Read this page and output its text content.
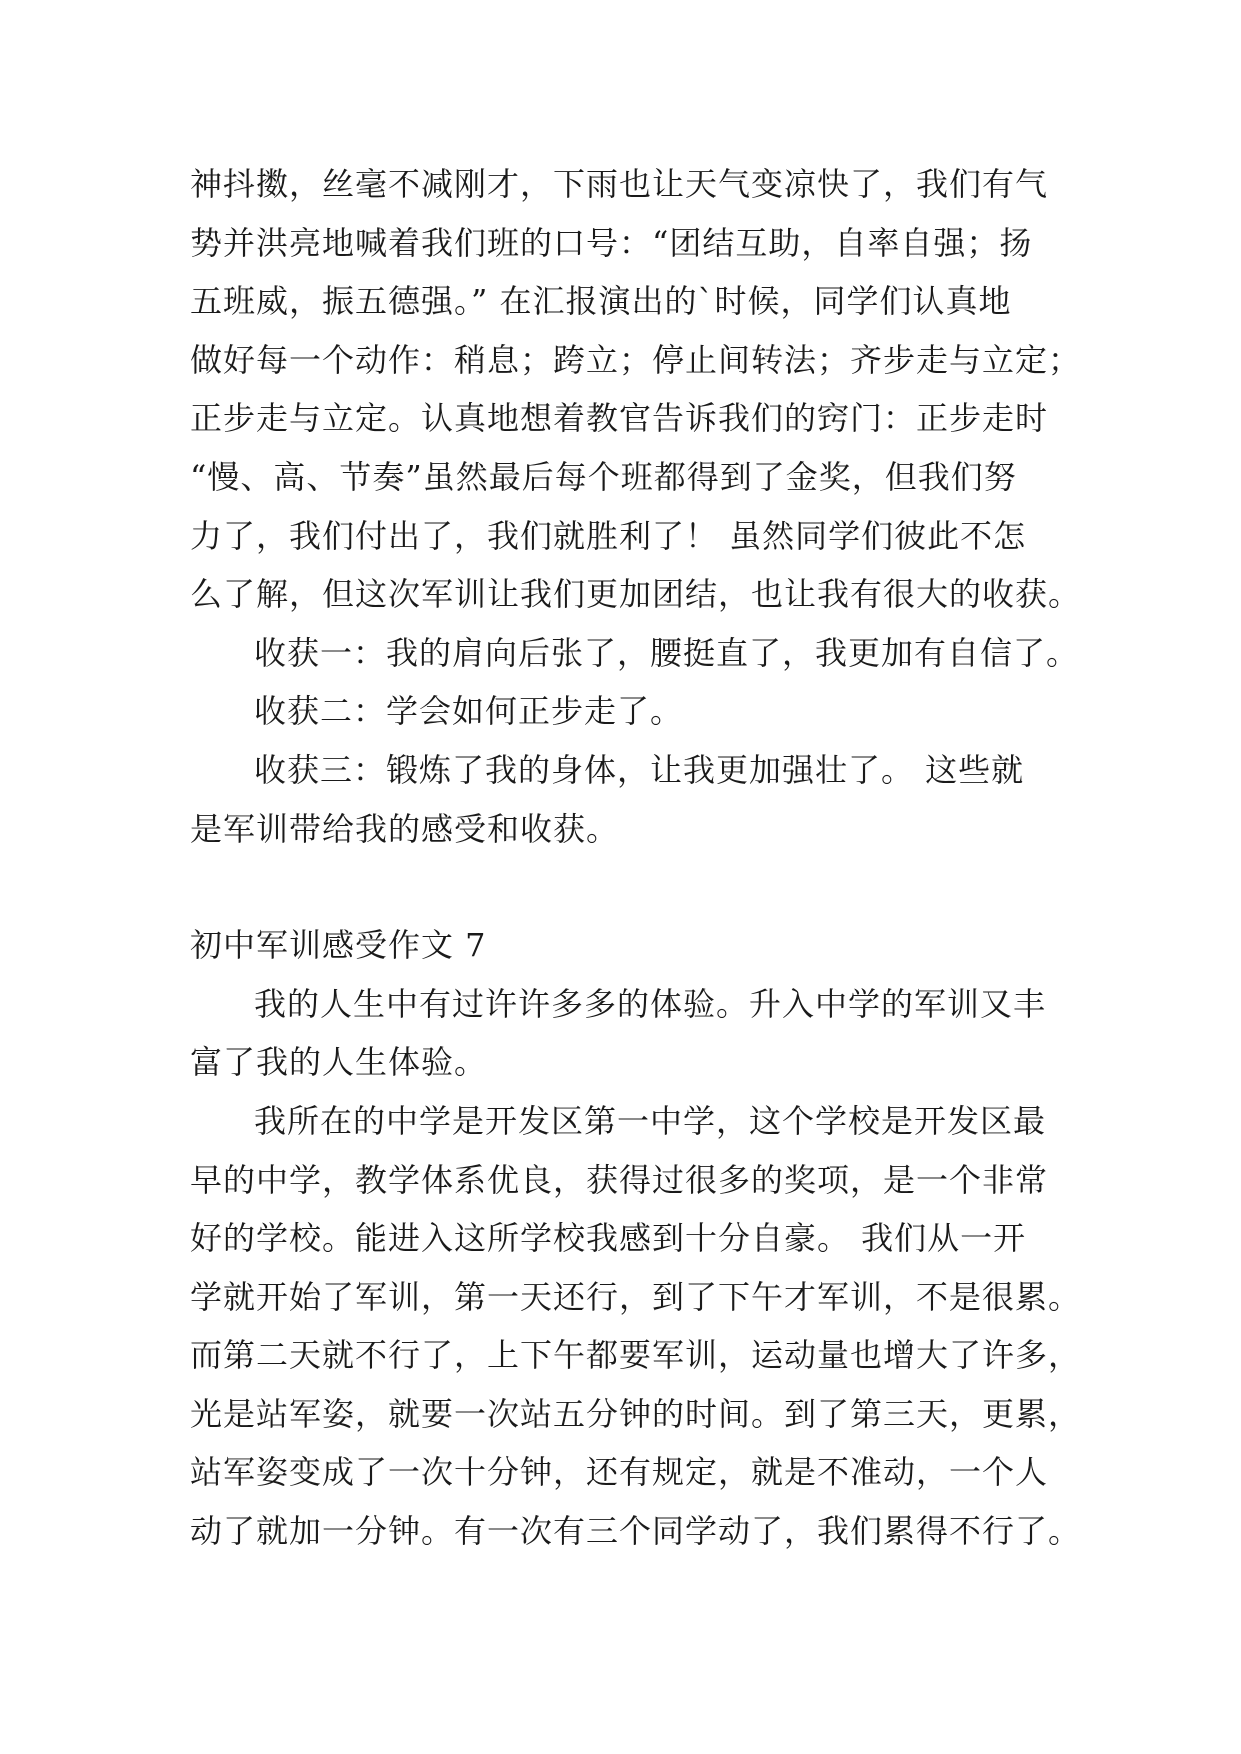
神抖擞，丝毫不减刚才，下雨也让天气变凉快了，我们有气
势并洪亮地喊着我们班的口号：“团结互助，自率自强；扬
五班威，振五德强。” 在汇报演出的`时候，同学们认真地
做好每一个动作：稍息；跨立；停止间转法；齐步走与立定；
正步走与立定。认真地想着教官告诉我们的窍门：正步走时
“慢、高、节奏”虽然最后每个班都得到了金奖，但我们努
力了，我们付出了，我们就胜利了！ 虽然同学们彼此不怎
么了解，但这次军训让我们更加团结，也让我有很大的收获。
收获一：我的肩向后张了，腰挺直了，我更加有自信了。
收获二：学会如何正步走了。
收获三：锻炼了我的身体，让我更加强壮了。 这些就
是军训带给我的感受和收获。
初中军训感受作文 7
我的人生中有过许许多多的体验。升入中学的军训又丰
富了我的人生体验。
我所在的中学是开发区第一中学，这个学校是开发区最
早的中学，教学体系优良，获得过很多的奖项，是一个非常
好的学校。能进入这所学校我感到十分自豪。 我们从一开
学就开始了军训，第一天还行，到了下午才军训，不是很累。
而第二天就不行了，上下午都要军训，运动量也增大了许多，
光是站军姿，就要一次站五分钟的时间。到了第三天，更累，
站军姿变成了一次十分钟，还有规定，就是不准动，一个人
动了就加一分钟。有一次有三个同学动了，我们累得不行了。
